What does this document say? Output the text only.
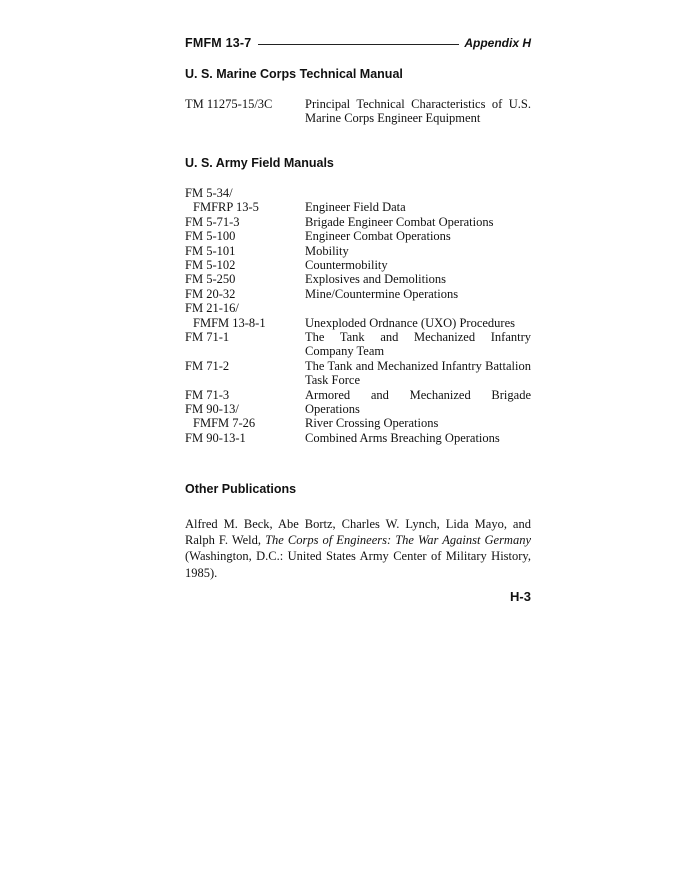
FMFM 13-7	Appendix H
U. S. Marine Corps Technical Manual
TM 11275-15/3C	Principal Technical Characteristics of U.S. Marine Corps Engineer Equipment
U. S. Army Field Manuals
FM 5-34/
FMFRP 13-5	Engineer Field Data
FM 5-71-3	Brigade Engineer Combat Operations
FM 5-100	Engineer Combat Operations
FM 5-101	Mobility
FM 5-102	Countermobility
FM 5-250	Explosives and Demolitions
FM 20-32	Mine/Countermine Operations
FM 21-16/
FMFM 13-8-1	Unexploded Ordnance (UXO) Procedures
FM 71-1	The Tank and Mechanized Infantry Company Team
FM 71-2	The Tank and Mechanized Infantry Battalion Task Force
FM 71-3	Armored and Mechanized Brigade Operations
FM 90-13/
FMFM 7-26	River Crossing Operations
FM 90-13-1	Combined Arms Breaching Operations
Other Publications
Alfred M. Beck, Abe Bortz, Charles W. Lynch, Lida Mayo, and Ralph F. Weld, The Corps of Engineers: The War Against Germany (Washington, D.C.: United States Army Center of Military History, 1985).
H-3
